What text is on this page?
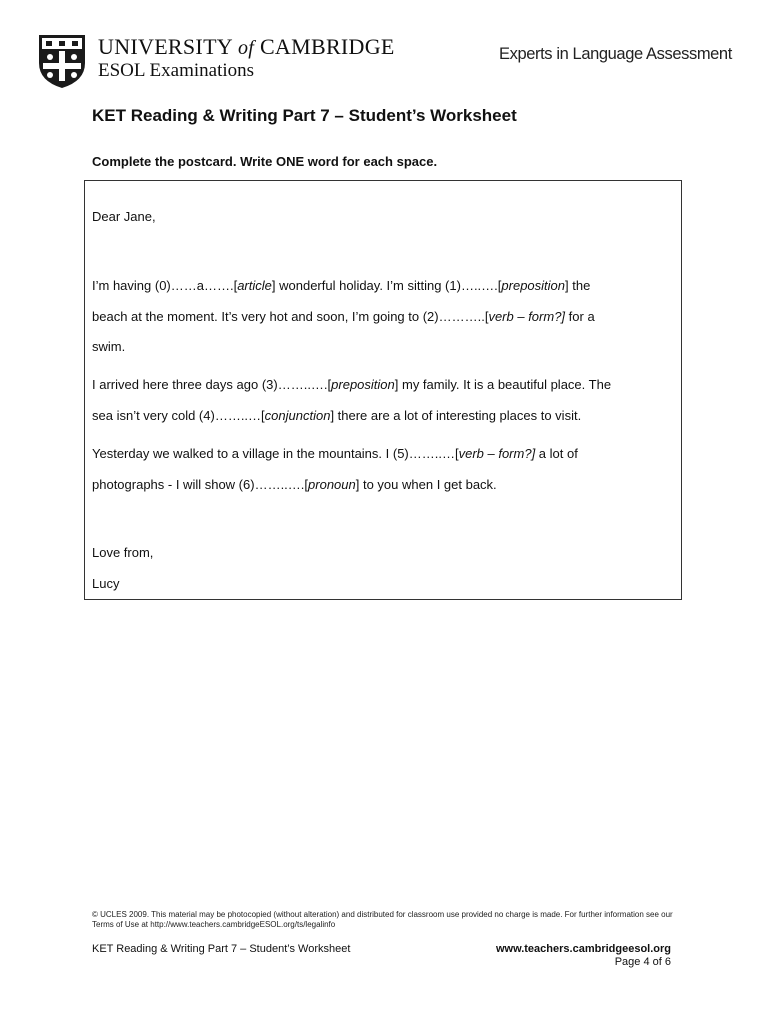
UNIVERSITY of CAMBRIDGE
ESOL Examinations
Experts in Language Assessment
KET Reading & Writing Part 7 – Student’s Worksheet
Complete the postcard. Write ONE word for each space.
Dear Jane,
I’m having (0)……a…….[article] wonderful holiday. I’m sitting (1)…..….[preposition] the
beach at the moment. It’s very hot and soon, I’m going to (2)………..[verb – form?] for a
swim.
I arrived here three days ago (3)……..….[preposition] my family. It is a beautiful place. The
sea isn’t very cold (4)……..…[conjunction] there are a lot of interesting places to visit.
Yesterday we walked to a village in the mountains. I (5)……..…[verb – form?] a lot of
photographs - I will show (6)……..….[pronoun] to you when I get back.
Love from,
Lucy
© UCLES 2009. This material may be photocopied (without alteration) and distributed for classroom use provided no charge is made. For further information see our Terms of Use at http://www.teachers.cambridgeESOL.org/ts/legalinfo
KET Reading & Writing Part 7 – Student’s Worksheet	www.teachers.cambridgeesol.org
Page 4 of 6
